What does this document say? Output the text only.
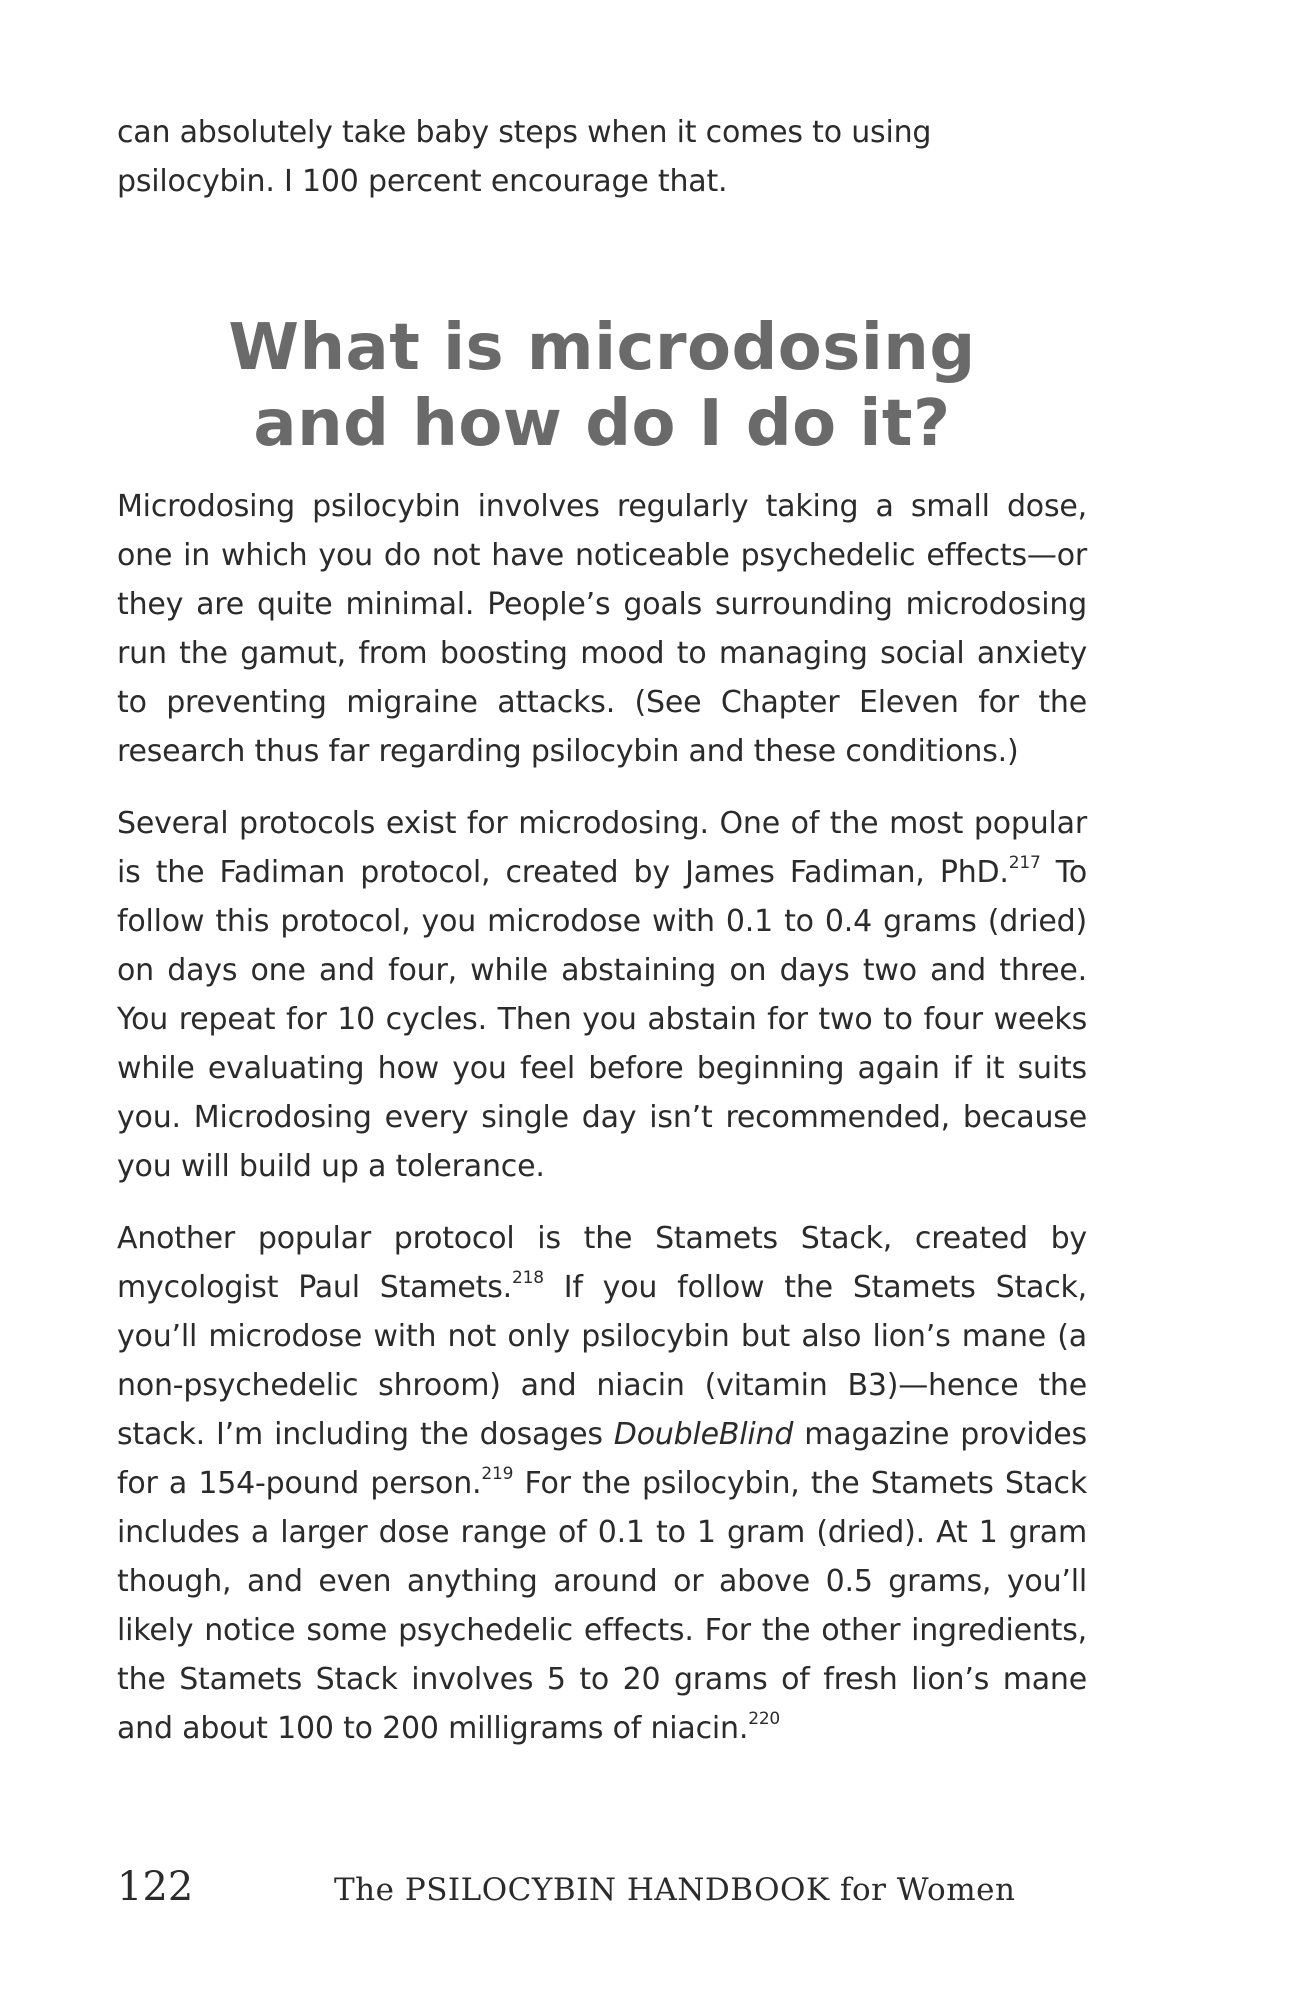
can absolutely take baby steps when it comes to using psilocybin. I 100 percent encourage that.

What is microdosing
and how do I do it?

Microdosing psilocybin involves regularly taking a small dose, one in which you do not have noticeable psychedelic effects—or they are quite minimal. People’s goals surrounding microdosing run the gamut, from boosting mood to managing social anxiety to preventing migraine attacks. (See Chapter Eleven for the research thus far regarding psilocybin and these conditions.)

Several protocols exist for microdosing. One of the most popular is the Fadiman protocol, created by James Fadiman, PhD.$^{217}$ To follow this protocol, you microdose with 0.1 to 0.4 grams (dried) on days one and four, while abstaining on days two and three. You repeat for 10 cycles. Then you abstain for two to four weeks while evaluating how you feel before beginning again if it suits you. Microdosing every single day isn’t recommended, because you will build up a tolerance.

Another popular protocol is the Stamets Stack, created by mycologist Paul Stamets.$^{218}$ If you follow the Stamets Stack, you’ll microdose with not only psilocybin but also lion’s mane (a non-psychedelic shroom) and niacin (vitamin B3)—hence the stack. I’m including the dosages DoubleBlind magazine provides for a 154-pound person.$^{219}$ For the psilocybin, the Stamets Stack includes a larger dose range of 0.1 to 1 gram (dried). At 1 gram though, and even anything around or above 0.5 grams, you’ll likely notice some psychedelic effects. For the other ingredients, the Stamets Stack involves 5 to 20 grams of fresh lion’s mane and about 100 to 200 milligrams of niacin.$^{220}$

122	The PSILOCYBIN HANDBOOK for Women
